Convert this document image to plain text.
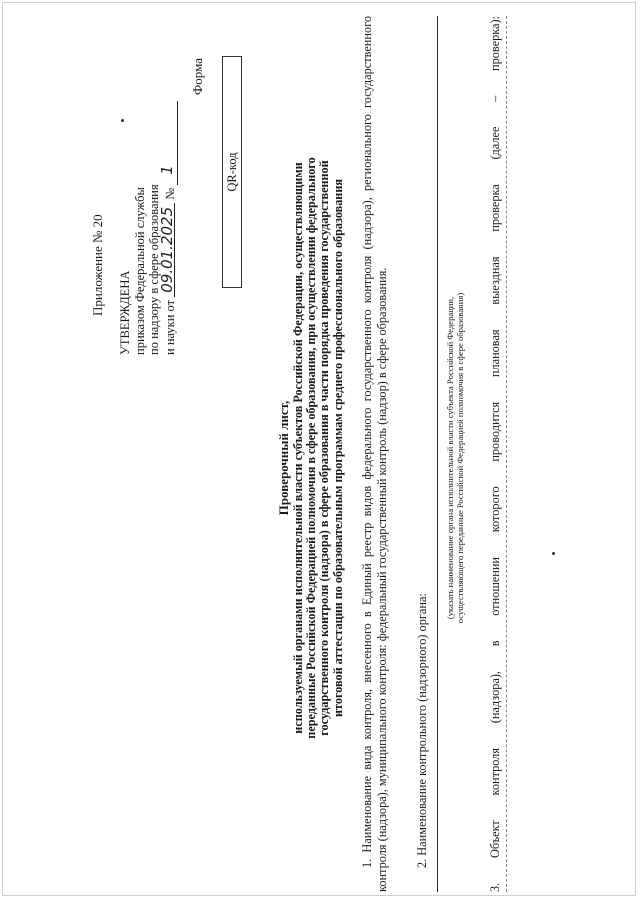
Приложение № 20 УТВЕРЖДЕНА приказом Федеральной службы по надзору в сфере образования и науки от 09.01.2025 № 1
Форма
QR-код
Проверочный лист, используемый органами исполнительной власти субъектов Российской Федерации, осуществляющими переданные Российской Федерацией полномочия в сфере образования, при осуществлении федерального государственного контроля (надзора) в сфере образования в части порядка проведения государственной итоговой аттестации по образовательным программам среднего профессионального образования 1. Наименование вида контроля, внесенного в Единый реестр видов федерального государственного контроля (надзора), регионального государственного контроля (надзора), муниципального контроля: федеральный государственный контроль (надзор) в сфере образования. 2. Наименование контрольного (надзорного) органа:
(указать наименование органа исполнительной власти субъекта Российской Федерации, осуществляющего переданные Российской Федерацией полномочия в сфере образования) 3. Объект контроля (надзора), в отношении которого проводится плановая выездная проверка (далее – проверка):
